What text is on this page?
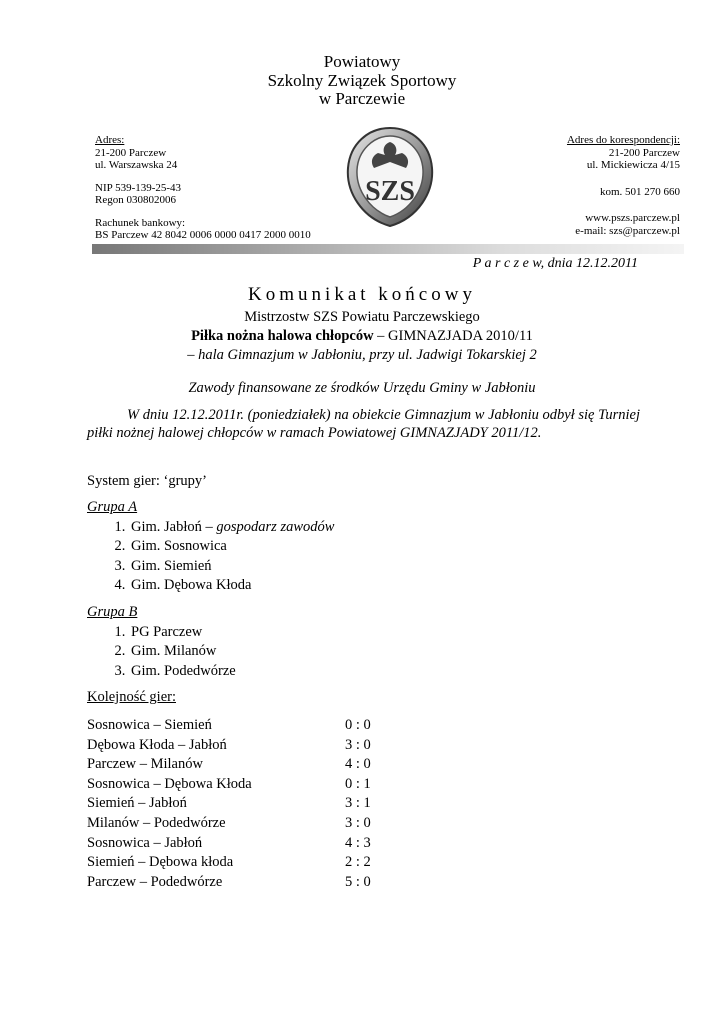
Powiatowy
Szkolny Związek Sportowy
w Parczewie
Adres:
21-200 Parczew
ul. Warszawska 24
NIP 539-139-25-43
Regon 030802006
Rachunek bankowy:
BS Parczew 42 8042 0006 0000 0417 2000 0010
SZS
Adres do korespondencji:
21-200 Parczew
ul. Mickiewicza 4/15
kom. 501 270 660
www.pszs.parczew.pl
e-mail: szs@parczew.pl
P a r c z e w, dnia 12.12.2011
Komunikat końcowy
Mistrzostw SZS Powiatu Parczewskiego
Piłka nożna halowa chłopców – GIMNAZJADA 2010/11
– hala Gimnazjum w Jabłoniu, przy ul. Jadwigi Tokarskiej 2
Zawody finansowane ze środków Urzędu Gminy w Jabłoniu

W dniu 12.12.2011r. (poniedziałek) na obiekcie Gimnazjum w Jabłoniu odbył się Turniej piłki nożnej halowej chłopców w ramach Powiatowej GIMNAZJADY 2011/12.

System gier: ‘grupy’
Grupa A
1. Gim. Jabłoń – gospodarz zawodów
2. Gim. Sosnowica
3. Gim. Siemień
4. Gim. Dębowa Kłoda
Grupa B
1. PG Parczew
2. Gim. Milanów
3. Gim. Podedwórze
Kolejność gier:
Sosnowica – Siemień	0 : 0
Dębowa Kłoda – Jabłoń	3 : 0
Parczew – Milanów	4 : 0
Sosnowica – Dębowa Kłoda	0 : 1
Siemień – Jabłoń	3 : 1
Milanów – Podedwórze	3 : 0
Sosnowica – Jabłoń	4 : 3
Siemień – Dębowa kłoda	2 : 2
Parczew – Podedwórze	5 : 0
